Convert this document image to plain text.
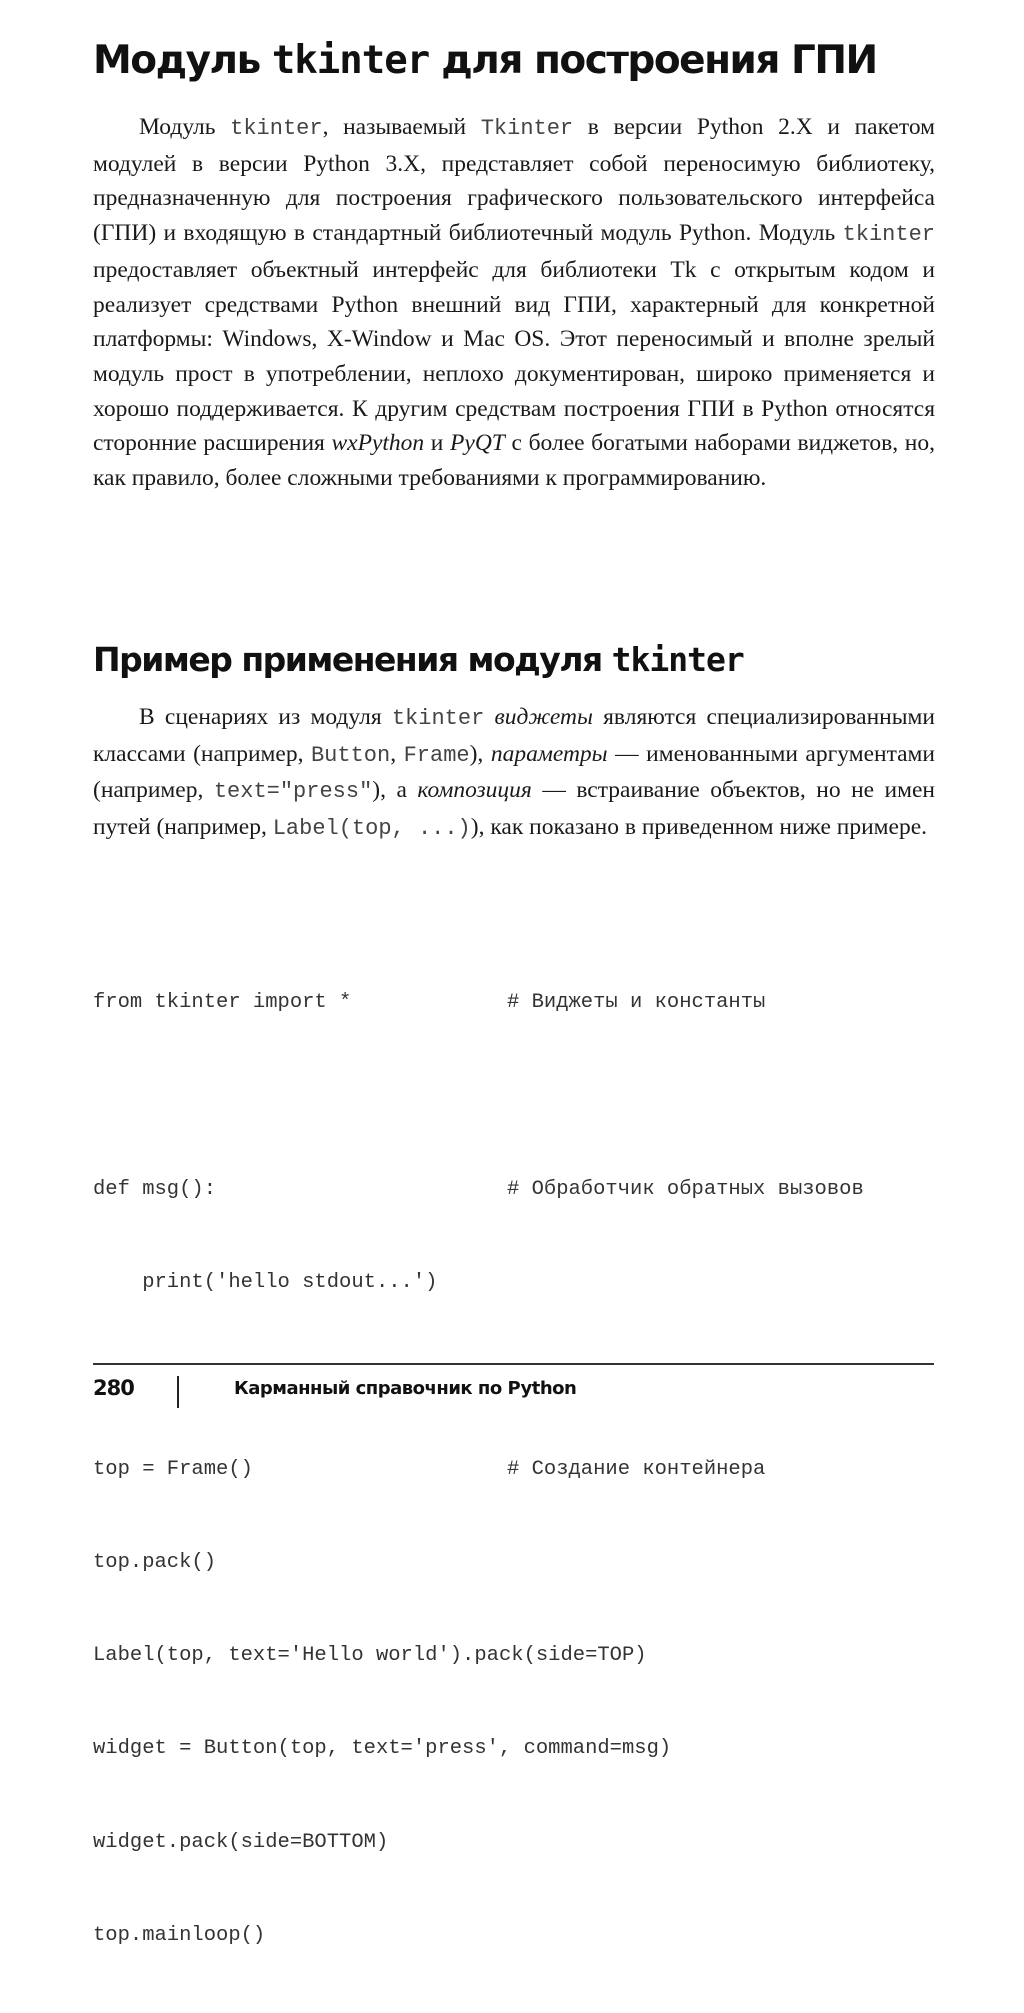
Модуль tkinter для построения ГПИ

Модуль tkinter, называемый Tkinter в версии Python 2.X и пакетом модулей в версии Python 3.X, представляет собой переносимую библиотеку, предназначенную для построения графического пользовательского интерфейса (ГПИ) и входящую в стандартный библиотечный модуль Python. Модуль tkinter предоставляет объектный интерфейс для библиотеки Tk с открытым кодом и реализует средствами Python внешний вид ГПИ, характерный для конкретной платформы: Windows, X-Window и Mac OS. Этот переносимый и вполне зрелый модуль прост в употреблении, неплохо документирован, широко применяется и хорошо поддерживается. К другим средствам построения ГПИ в Python относятся сторонние расширения wxPython и PyQT с более богатыми наборами виджетов, но, как правило, более сложными требованиями к программированию.

Пример применения модуля tkinter

В сценариях из модуля tkinter виджеты являются специализированными классами (например, Button, Frame), параметры — именованными аргументами (например, text="press"), а композиция — встраивание объектов, но не имен путей (например, Label(top, ...)), как показано в приведенном ниже примере.

from tkinter import *	# Виджеты и константы

def msg():	# Обработчик обратных вызовов

print('hello stdout...')

top = Frame()	# Создание контейнера

top.pack()

Label(top, text='Hello world').pack(side=TOP)

widget = Button(top, text='press', command=msg)

widget.pack(side=BOTTOM)

top.mainloop()

280	Карманный справочник по Python
